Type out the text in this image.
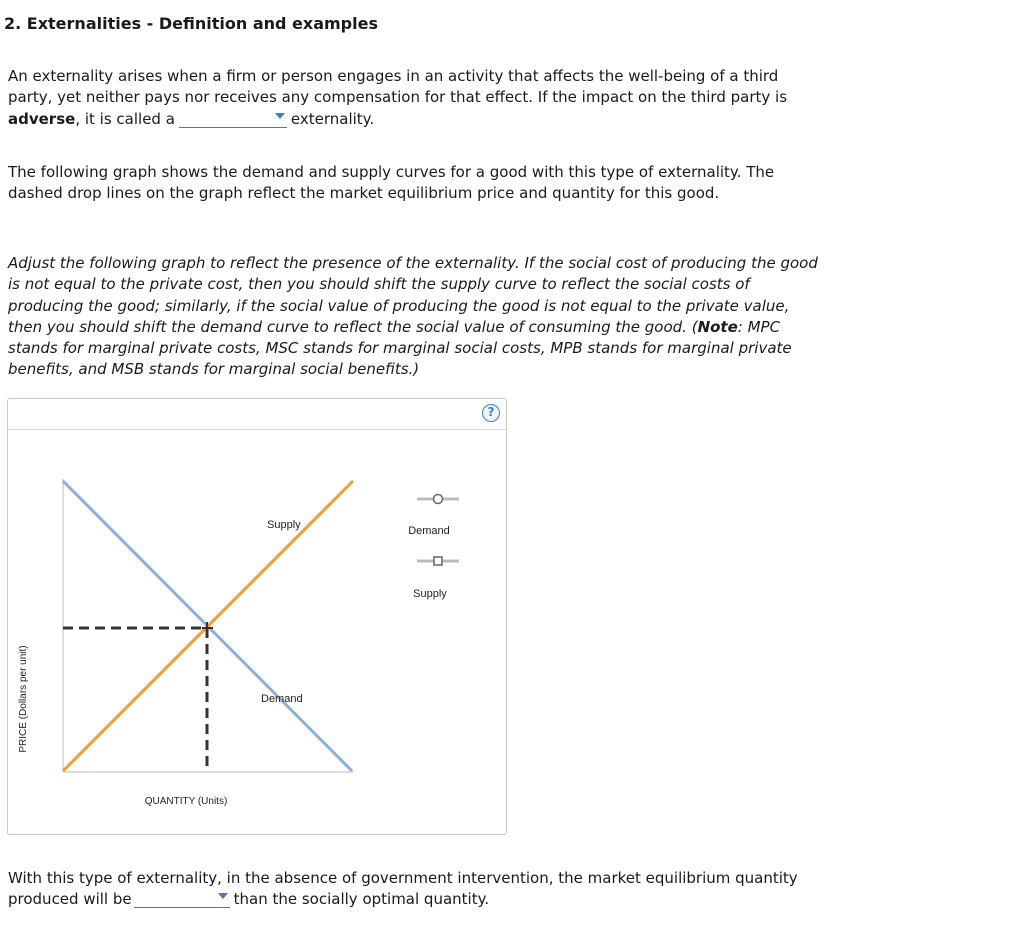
2. Externalities - Definition and examples
An externality arises when a firm or person engages in an activity that affects the well-being of a third party, yet neither pays nor receives any compensation for that effect. If the impact on the third party is adverse, it is called a	externality.
The following graph shows the demand and supply curves for a good with this type of externality. The dashed drop lines on the graph reflect the market equilibrium price and quantity for this good.
Adjust the following graph to reflect the presence of the externality. If the social cost of producing the good is not equal to the private cost, then you should shift the supply curve to reflect the social costs of producing the good; similarly, if the social value of producing the good is not equal to the private value, then you should shift the demand curve to reflect the social value of consuming the good. (Note: MPC stands for marginal private costs, MSC stands for marginal social costs, MPB stands for marginal private benefits, and MSB stands for marginal social benefits.)
?
Supply
Demand
PRICE (Dollars per unit)
QUANTITY (Units)
Demand
Supply
With this type of externality, in the absence of government intervention, the market equilibrium quantity produced will be	than the socially optimal quantity.
